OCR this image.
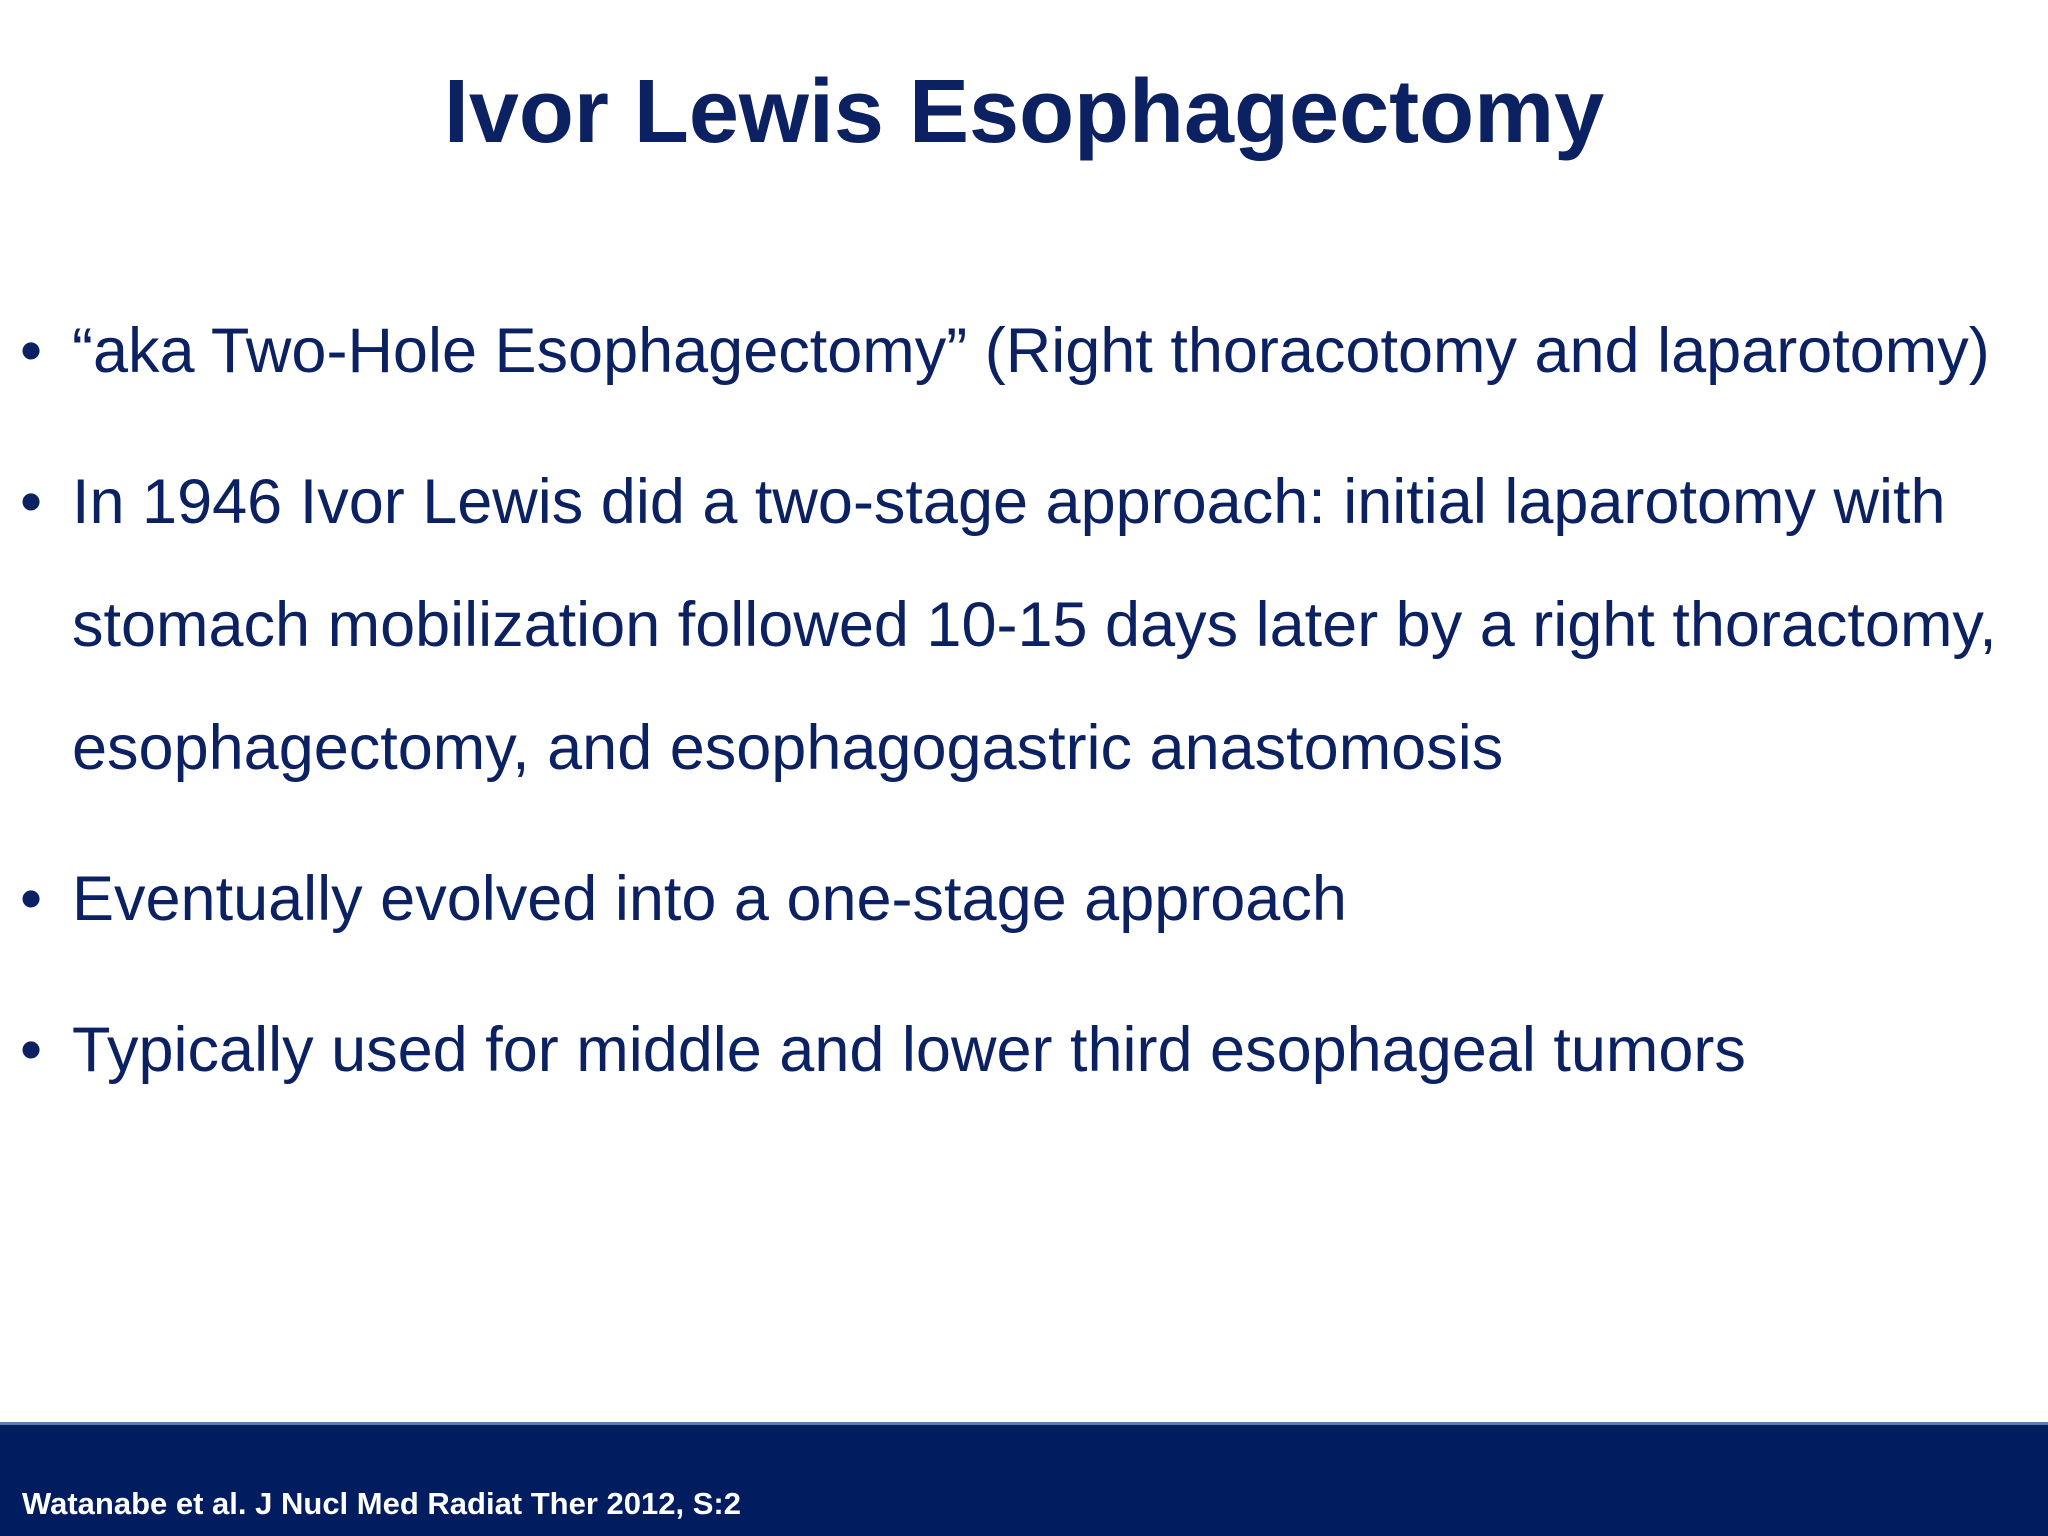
Ivor Lewis Esophagectomy
• “aka Two-Hole Esophagectomy” (Right thoracotomy and laparotomy)
• In 1946 Ivor Lewis did a two-stage approach: initial laparotomy with stomach mobilization followed 10-15 days later by a right thoractomy, esophagectomy, and esophagogastric anastomosis
• Eventually evolved into a one-stage approach
• Typically used for middle and lower third esophageal tumors
Watanabe et al. J Nucl Med Radiat Ther 2012, S:2
